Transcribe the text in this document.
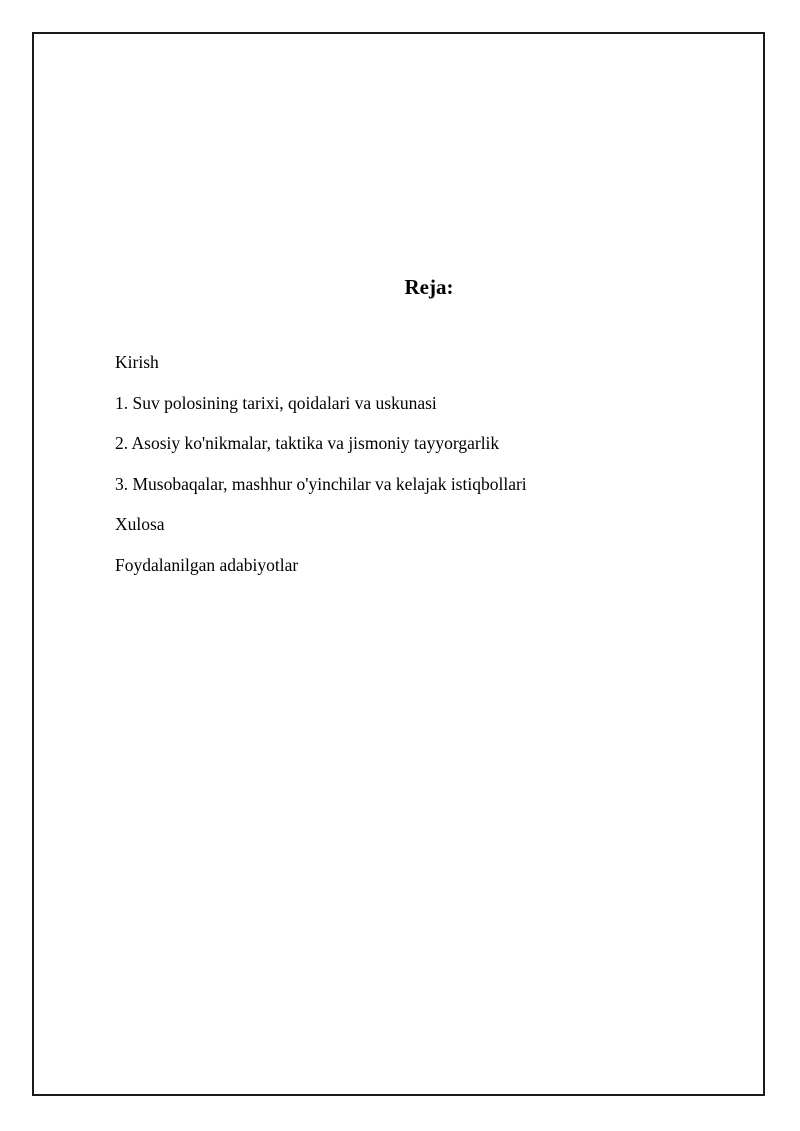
Reja:
Kirish
1. Suv polosining tarixi, qoidalari va uskunasi
2. Asosiy ko'nikmalar, taktika va jismoniy tayyorgarlik
3. Musobaqalar, mashhur o'yinchilar va kelajak istiqbollari
Xulosa
Foydalanilgan adabiyotlar
